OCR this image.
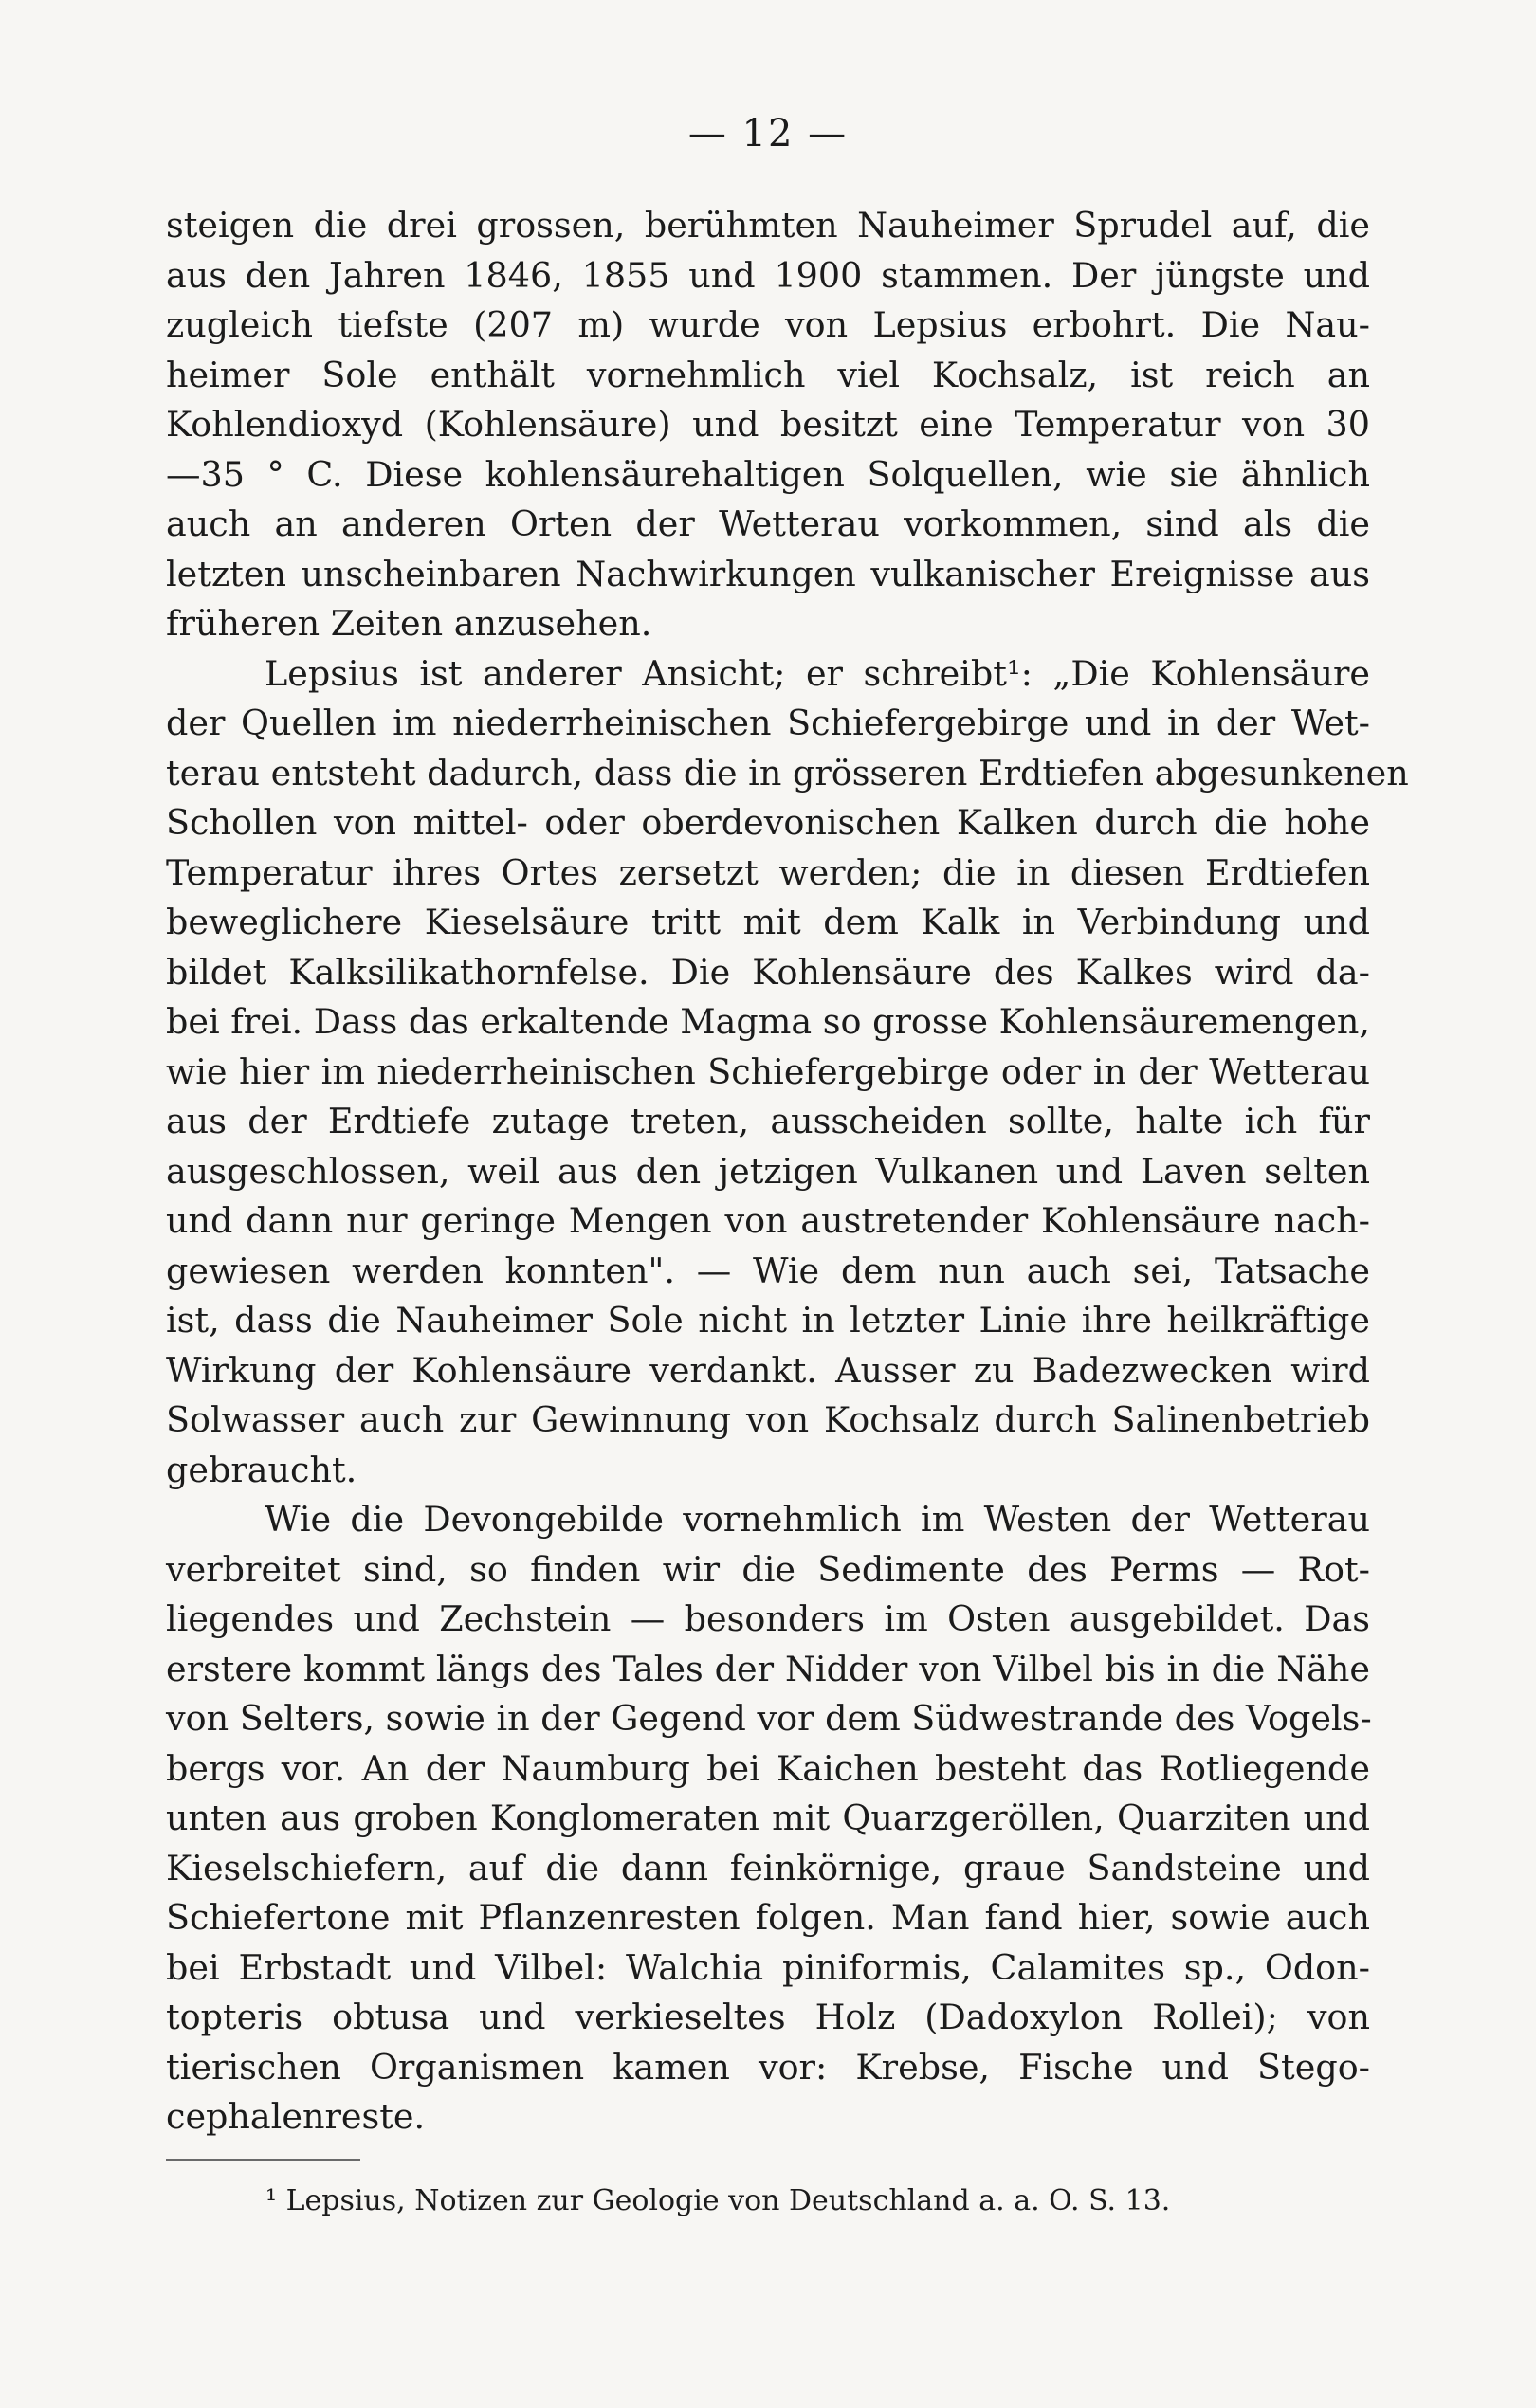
— 12 —
steigen die drei grossen, berühmten Nauheimer Sprudel auf, die
aus den Jahren 1846, 1855 und 1900 stammen. Der jüngste und
zugleich tiefste (207 m) wurde von Lepsius erbohrt. Die Nau-
heimer Sole enthält vornehmlich viel Kochsalz, ist reich an
Kohlendioxyd (Kohlensäure) und besitzt eine Temperatur von 30
—35 ° C. Diese kohlensäurehaltigen Solquellen, wie sie ähnlich
auch an anderen Orten der Wetterau vorkommen, sind als die
letzten unscheinbaren Nachwirkungen vulkanischer Ereignisse aus
früheren Zeiten anzusehen.
Lepsius ist anderer Ansicht; er schreibt¹: „Die Kohlensäure
der Quellen im niederrheinischen Schiefergebirge und in der Wet-
terau entsteht dadurch, dass die in grösseren Erdtiefen abgesunkenen
Schollen von mittel- oder oberdevonischen Kalken durch die hohe
Temperatur ihres Ortes zersetzt werden; die in diesen Erdtiefen
beweglichere Kieselsäure tritt mit dem Kalk in Verbindung und
bildet Kalksilikathornfelse. Die Kohlensäure des Kalkes wird da-
bei frei. Dass das erkaltende Magma so grosse Kohlensäuremengen,
wie hier im niederrheinischen Schiefergebirge oder in der Wetterau
aus der Erdtiefe zutage treten, ausscheiden sollte, halte ich für
ausgeschlossen, weil aus den jetzigen Vulkanen und Laven selten
und dann nur geringe Mengen von austretender Kohlensäure nach-
gewiesen werden konnten". — Wie dem nun auch sei, Tatsache
ist, dass die Nauheimer Sole nicht in letzter Linie ihre heilkräftige
Wirkung der Kohlensäure verdankt. Ausser zu Badezwecken wird
Solwasser auch zur Gewinnung von Kochsalz durch Salinenbetrieb
gebraucht.
Wie die Devongebilde vornehmlich im Westen der Wetterau
verbreitet sind, so finden wir die Sedimente des Perms — Rot-
liegendes und Zechstein — besonders im Osten ausgebildet. Das
erstere kommt längs des Tales der Nidder von Vilbel bis in die Nähe
von Selters, sowie in der Gegend vor dem Südwestrande des Vogels-
bergs vor. An der Naumburg bei Kaichen besteht das Rotliegende
unten aus groben Konglomeraten mit Quarzgeröllen, Quarziten und
Kieselschiefern, auf die dann feinkörnige, graue Sandsteine und
Schiefertone mit Pflanzenresten folgen. Man fand hier, sowie auch
bei Erbstadt und Vilbel: Walchia piniformis, Calamites sp., Odon-
topteris obtusa und verkieseltes Holz (Dadoxylon Rollei); von
tierischen Organismen kamen vor: Krebse, Fische und Stego-
cephalenreste.
¹ Lepsius, Notizen zur Geologie von Deutschland a. a. O. S. 13.
